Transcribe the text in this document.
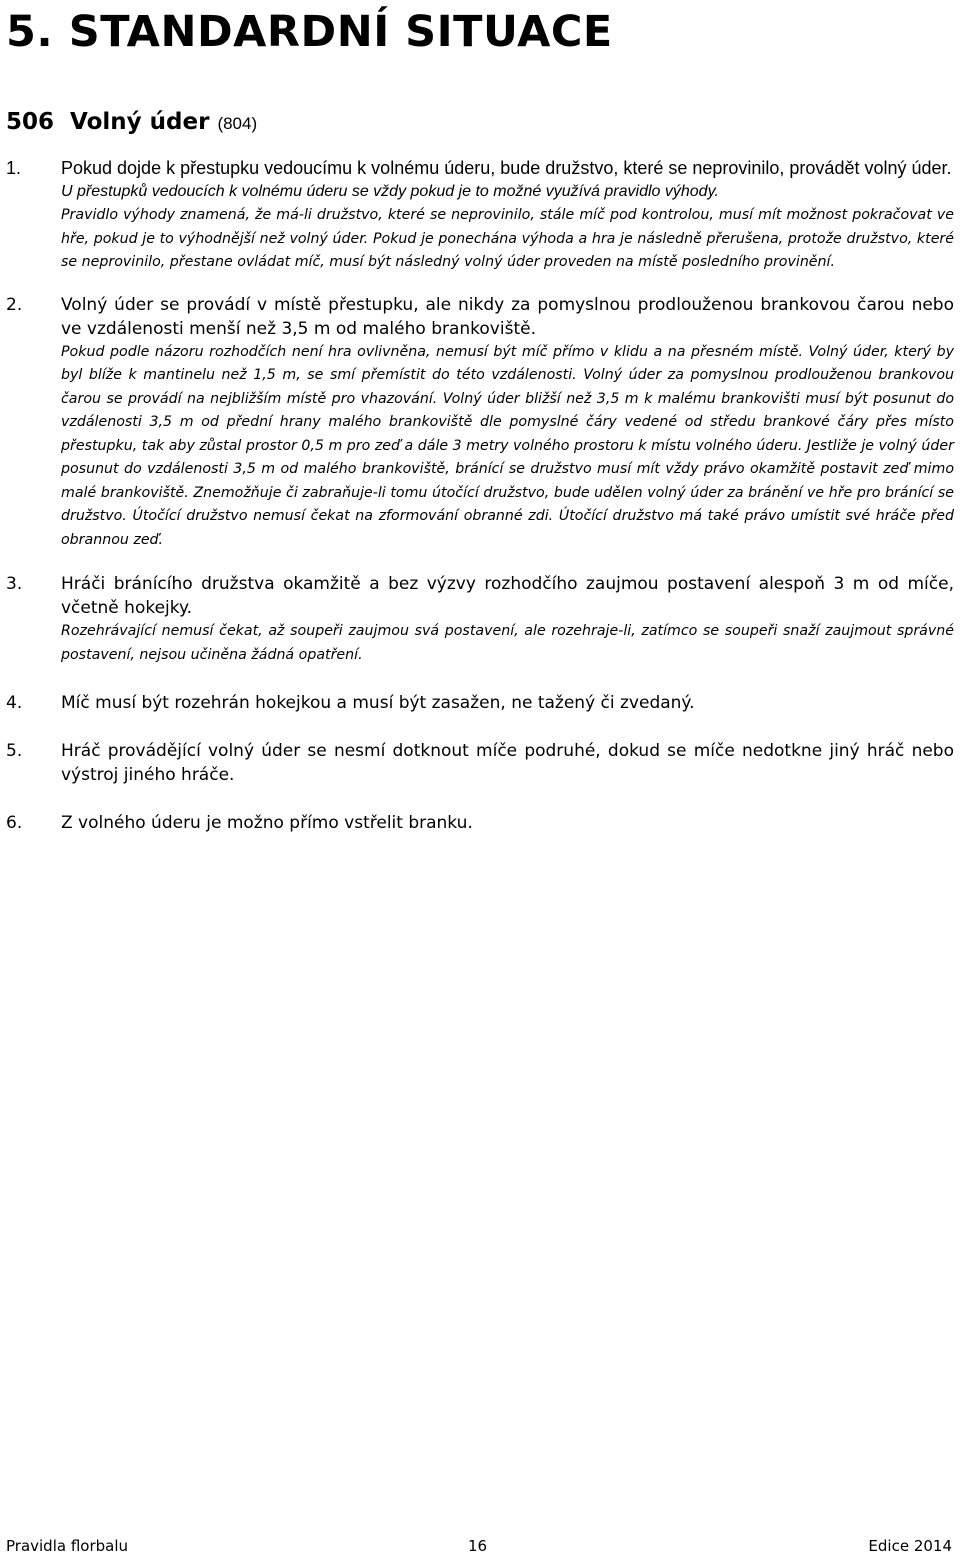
5. STANDARDNÍ SITUACE
506 Volný úder (804)
1.	Pokud dojde k přestupku vedoucímu k volnému úderu, bude družstvo, které se neprovinilo, provádět volný úder.

U přestupků vedoucích k volnému úderu se vždy pokud je to možné využívá pravidlo výhody.

Pravidlo výhody znamená, že má-li družstvo, které se neprovinilo, stále míč pod kontrolou, musí mít možnost pokračovat ve hře, pokud je to výhodnější než volný úder. Pokud je ponechána výhoda a hra je následně přerušena, protože družstvo, které se neprovinilo, přestane ovládat míč, musí být následný volný úder proveden na místě posledního provinění.

2.	Volný úder se provádí v místě přestupku, ale nikdy za pomyslnou prodlouženou brankovou čarou nebo ve vzdálenosti menší než 3,5 m od malého brankoviště.

Pokud podle názoru rozhodčích není hra ovlivněna, nemusí být míč přímo v klidu a na přesném místě. Volný úder, který by byl blíže k mantinelu než 1,5 m, se smí přemístit do této vzdálenosti. Volný úder za pomyslnou prodlouženou brankovou čarou se provádí na nejbližším místě pro vhazování. Volný úder bližší než 3,5 m k malému brankovišti musí být posunut do vzdálenosti 3,5 m od přední hrany malého brankoviště dle pomyslné čáry vedené od středu brankové čáry přes místo přestupku, tak aby zůstal prostor 0,5 m pro zeď a dále 3 metry volného prostoru k místu volného úderu. Jestliže je volný úder posunut do vzdálenosti 3,5 m od malého brankoviště, bránící se družstvo musí mít vždy právo okamžitě postavit zeď mimo malé brankoviště. Znemožňuje či zabraňuje-li tomu útočící družstvo, bude udělen volný úder za bránění ve hře pro bránící se družstvo. Útočící družstvo nemusí čekat na zformování obranné zdi. Útočící družstvo má také právo umístit své hráče před obrannou zeď.

3.	Hráči bránícího družstva okamžitě a bez výzvy rozhodčího zaujmou postavení alespoň 3 m od míče, včetně hokejky.

Rozehrávající nemusí čekat, až soupeři zaujmou svá postavení, ale rozehraje-li, zatímco se soupeři snaží zaujmout správné postavení, nejsou učiněna žádná opatření.

4.	Míč musí být rozehrán hokejkou a musí být zasažen, ne tažený či zvedaný.

5.	Hráč provádějící volný úder se nesmí dotknout míče podruhé, dokud se míče nedotkne jiný hráč nebo výstroj jiného hráče.

6.	Z volného úderu je možno přímo vstřelit branku.

Pravidla florbalu	16	Edice 2014
